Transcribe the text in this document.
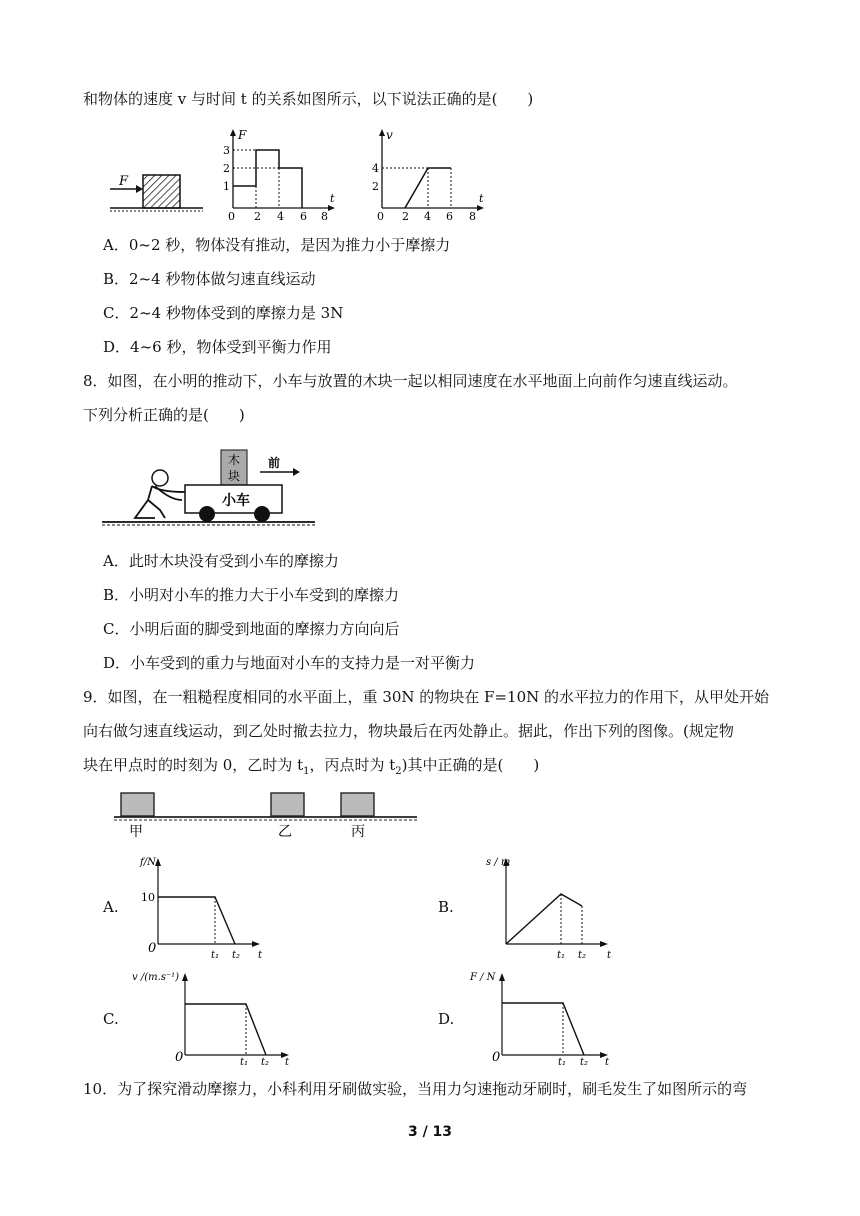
和物体的速度 v 与时间 t 的关系如图所示，以下说法正确的是(　　)
F
F
t
1
2
3
0 2 4 6 8
v
t
2
4
0 2 4 6 8
A．0~2 秒，物体没有推动，是因为推力小于摩擦力
B．2~4 秒物体做匀速直线运动
C．2~4 秒物体受到的摩擦力是 3N
D．4~6 秒，物体受到平衡力作用
8．如图，在小明的推动下，小车与放置的木块一起以相同速度在水平地面上向前作匀速直线运动。
下列分析正确的是(　　)
木
块
前
小车
A．此时木块没有受到小车的摩擦力
B．小明对小车的推力大于小车受到的摩擦力
C．小明后面的脚受到地面的摩擦力方向向后
D．小车受到的重力与地面对小车的支持力是一对平衡力
9．如图，在一粗糙程度相同的水平面上，重 30N 的物块在 F=10N 的水平拉力的作用下，从甲处开始
向右做匀速直线运动，到乙处时撤去拉力，物块最后在丙处静止。据此，作出下列的图像。(规定物
块在甲点时的时刻为 0，乙时为 $t_1$，丙点时为 $t_2$)其中正确的是(　　)
甲	乙	丙
A.	B.
C.	D.
f/N
10
0	t
t₁ t₂
s / m
t
t₁ t₂
v /(m.s⁻¹)
0	t
t₁ t₂
F / N
0	t
t₁ t₂
10．为了探究滑动摩擦力，小科利用牙刷做实验，当用力匀速拖动牙刷时，刷毛发生了如图所示的弯
3 / 13
